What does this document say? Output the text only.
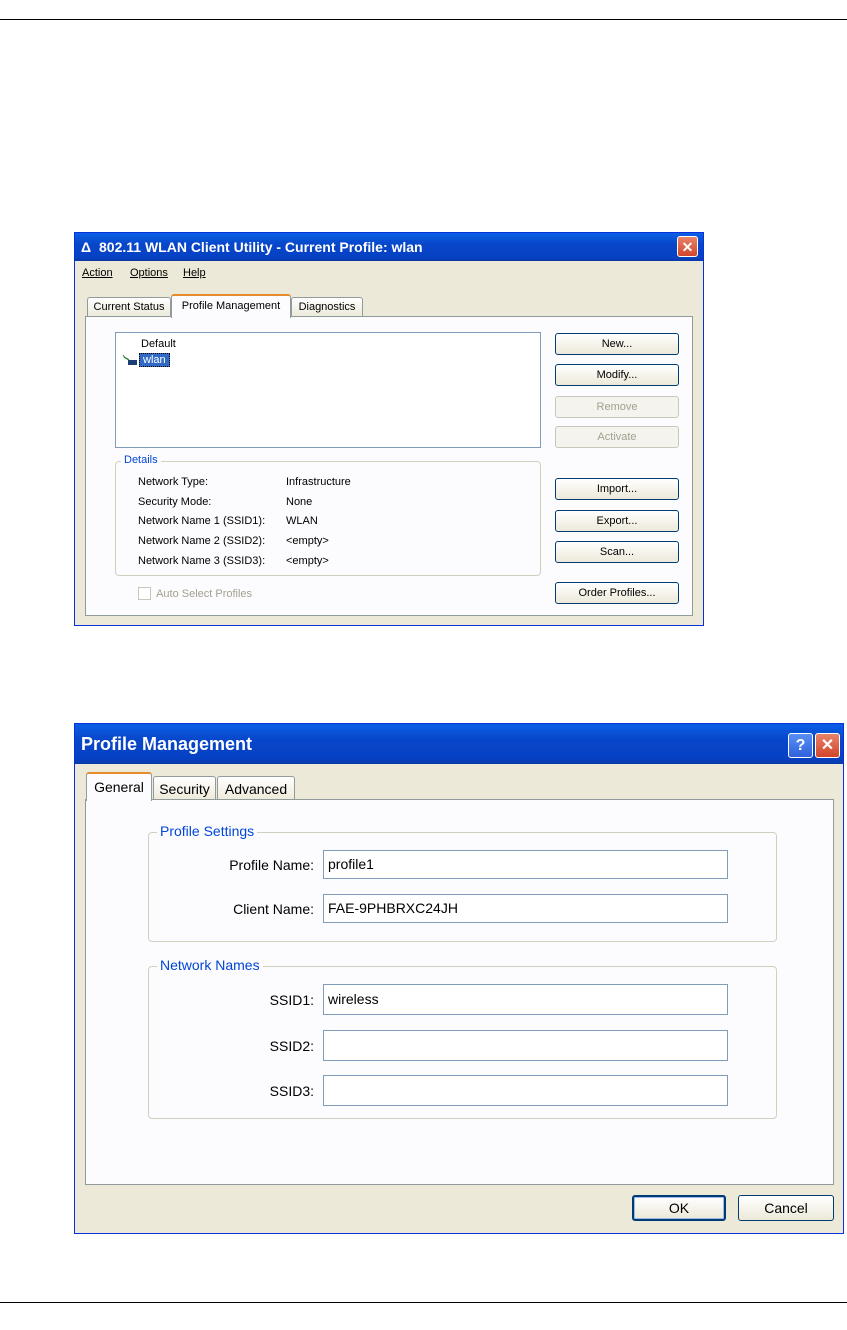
Δ 802.11 WLAN Client Utility - Current Profile: wlan	✕
Action Options Help
Current Status	Profile Management	Diagnostics
Default
wlan
New...
Modify...
Remove
Activate
Details
Network Type:	Infrastructure
Security Mode:	None
Network Name 1 (SSID1): WLAN
Network Name 2 (SSID2): <empty>
Network Name 3 (SSID3): <empty>
Import...
Export...
Scan...
Auto Select Profiles	Order Profiles...
Profile Management	? ✕
General	Security	Advanced
Profile Settings
Profile Name:	profile1
Client Name:	FAE-9PHBRXC24JH
Network Names
SSID1:	wireless
SSID2:
SSID3:
OK	Cancel
